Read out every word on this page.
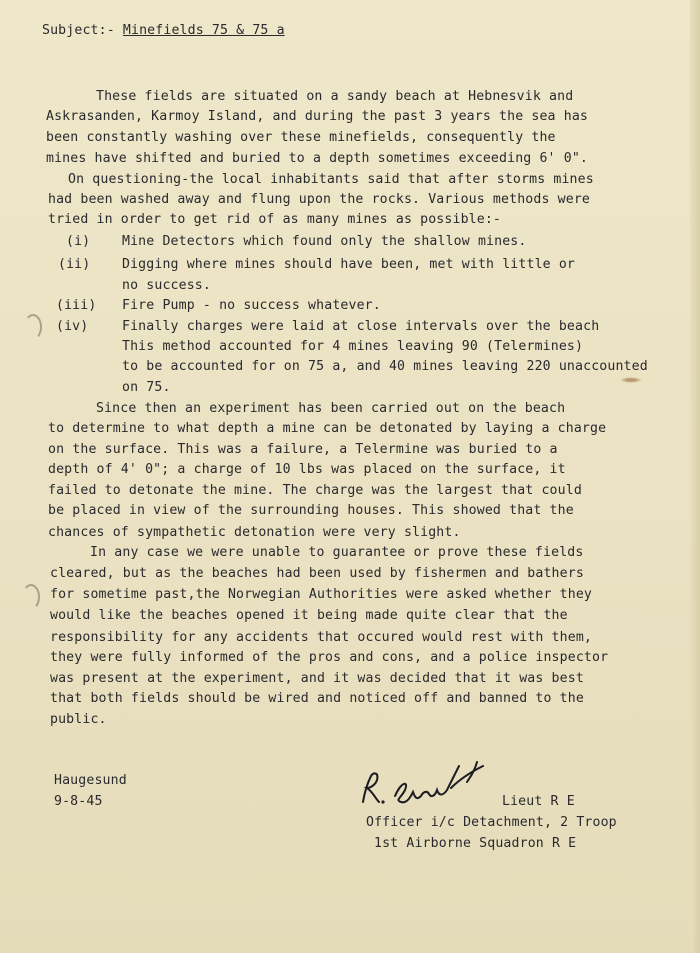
Subject:- Minefields 75 & 75 a
These fields are situated on a sandy beach at Hebnesvik and
Askrasanden, Karmoy Island, and during the past 3 years the sea has
been constantly washing over these minefields, consequently the
mines have shifted and buried to a depth sometimes exceeding 6' 0".
On questioning-the local inhabitants said that after storms mines
had been washed away and flung upon the rocks. Various methods were
tried in order to get rid of as many mines as possible:-
(i) Mine Detectors which found only the shallow mines.
(ii) Digging where mines should have been, met with little or
no success.
(iii) Fire Pump - no success whatever.
(iv)	Finally charges were laid at close intervals over the beach
This method accounted for 4 mines leaving 90 (Telermines)
to be accounted for on 75 a, and 40 mines leaving 220 unaccounted
on 75.
Since then an experiment has been carried out on the beach
to determine to what depth a mine can be detonated by laying a charge
on the surface. This was a failure, a Telermine was buried to a
depth of 4' 0"; a charge of 10 lbs was placed on the surface, it
failed to detonate the mine. The charge was the largest that could
be placed in view of the surrounding houses. This showed that the
chances of sympathetic detonation were very slight.
In any case we were unable to guarantee or prove these fields
cleared, but as the beaches had been used by fishermen and bathers
for sometime past,the Norwegian Authorities were asked whether they
would like the beaches opened it being made quite clear that the
responsibility for any accidents that occured would rest with them,
they were fully informed of the pros and cons, and a police inspector
was present at the experiment, and it was decided that it was best
that both fields should be wired and noticed off and banned to the
public.
Haugesund
9-8-45	Lieut R E
Officer i/c Detachment, 2 Troop
1st Airborne Squadron R E
